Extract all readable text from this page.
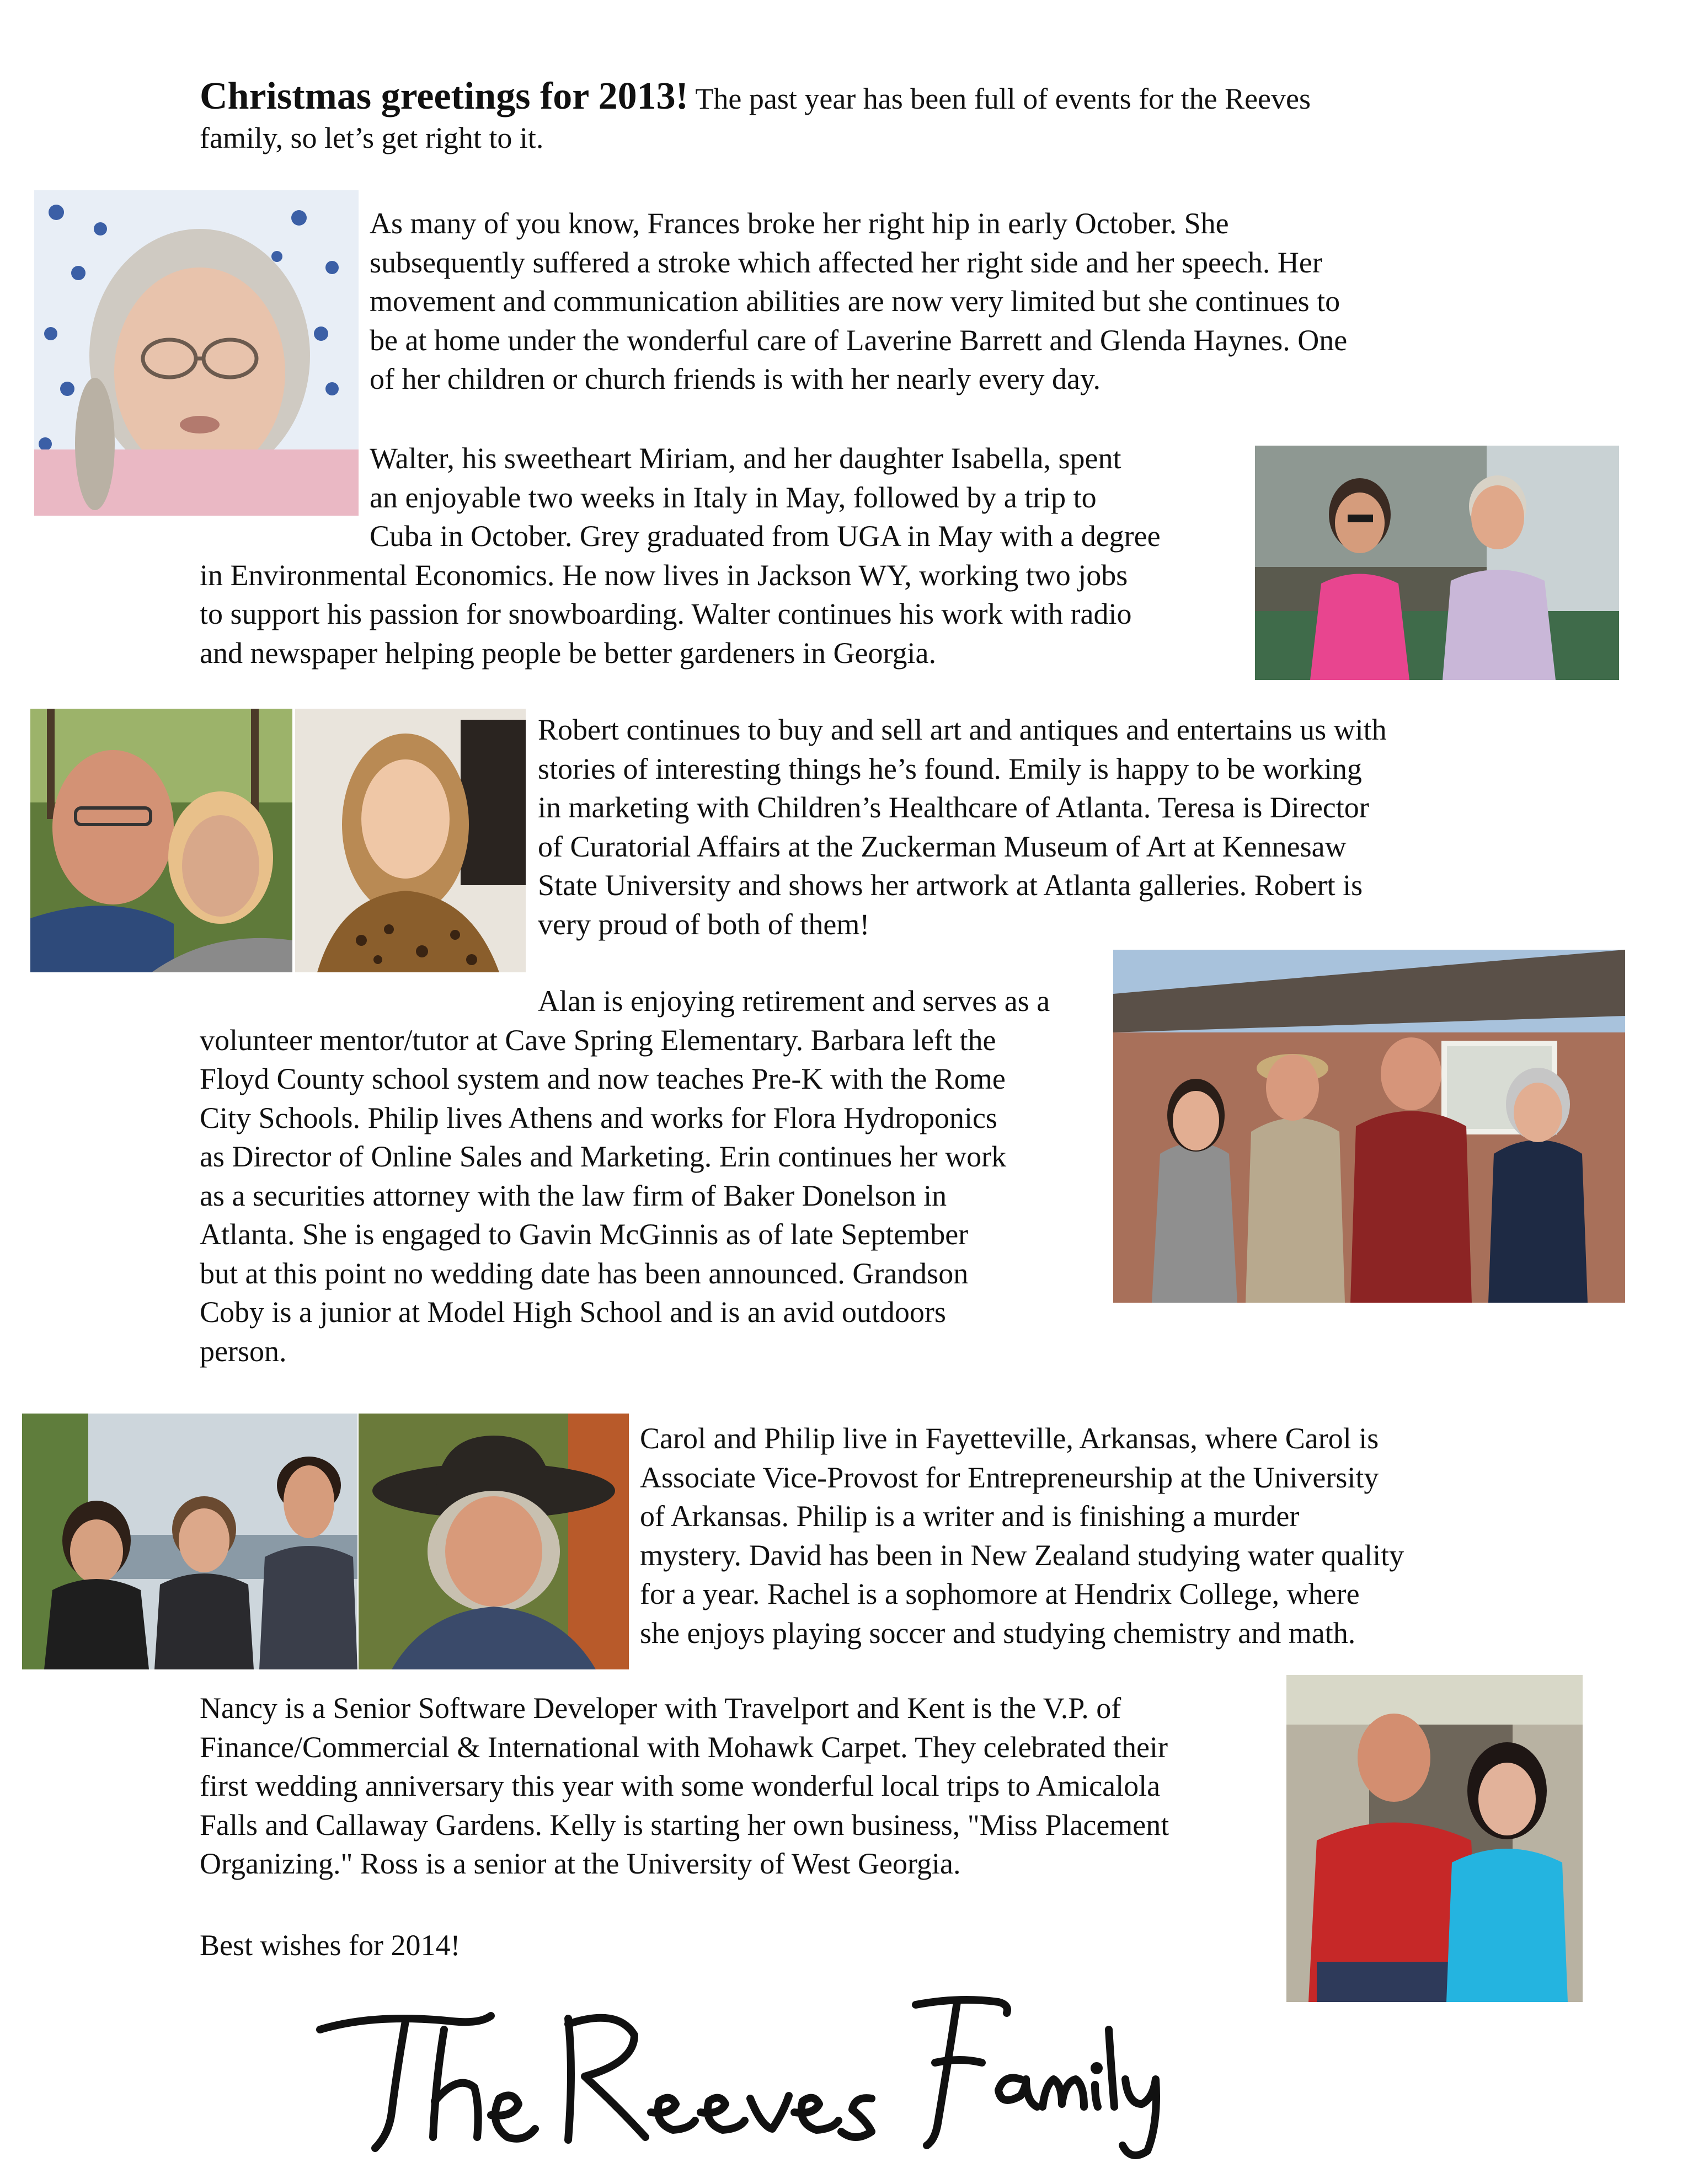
Christmas greetings for 2013! The past year has been full of events for the Reeves
family, so let’s get right to it.

As many of you know, Frances broke her right hip in early October. She
subsequently suffered a stroke which affected her right side and her speech. Her
movement and communication abilities are now very limited but she continues to
be at home under the wonderful care of Laverine Barrett and Glenda Haynes. One
of her children or church friends is with her nearly every day.
Walter, his sweetheart Miriam, and her daughter Isabella, spent
an enjoyable two weeks in Italy in May, followed by a trip to
Cuba in October. Grey graduated from UGA in May with a degree
in Environmental Economics. He now lives in Jackson WY, working two jobs
to support his passion for snowboarding. Walter continues his work with radio
and newspaper helping people be better gardeners in Georgia.
Robert continues to buy and sell art and antiques and entertains us with
stories of interesting things he’s found. Emily is happy to be working
in marketing with Children’s Healthcare of Atlanta. Teresa is Director
of Curatorial Affairs at the Zuckerman Museum of Art at Kennesaw
State University and shows her artwork at Atlanta galleries. Robert is
very proud of both of them!
Alan is enjoying retirement and serves as a
volunteer mentor/tutor at Cave Spring Elementary. Barbara left the
Floyd County school system and now teaches Pre-K with the Rome
City Schools. Philip lives Athens and works for Flora Hydroponics
as Director of Online Sales and Marketing. Erin continues her work
as a securities attorney with the law firm of Baker Donelson in
Atlanta. She is engaged to Gavin McGinnis as of late September
but at this point no wedding date has been announced. Grandson
Coby is a junior at Model High School and is an avid outdoors
person.
Carol and Philip live in Fayetteville, Arkansas, where Carol is
Associate Vice-Provost for Entrepreneurship at the University
of Arkansas. Philip is a writer and is finishing a murder
mystery. David has been in New Zealand studying water quality
for a year. Rachel is a sophomore at Hendrix College, where
she enjoys playing soccer and studying chemistry and math.
Nancy is a Senior Software Developer with Travelport and Kent is the V.P. of
Finance/Commercial & International with Mohawk Carpet. They celebrated their
first wedding anniversary this year with some wonderful local trips to Amicalola
Falls and Callaway Gardens. Kelly is starting her own business, "Miss Placement
Organizing." Ross is a senior at the University of West Georgia.
Best wishes for 2014!
